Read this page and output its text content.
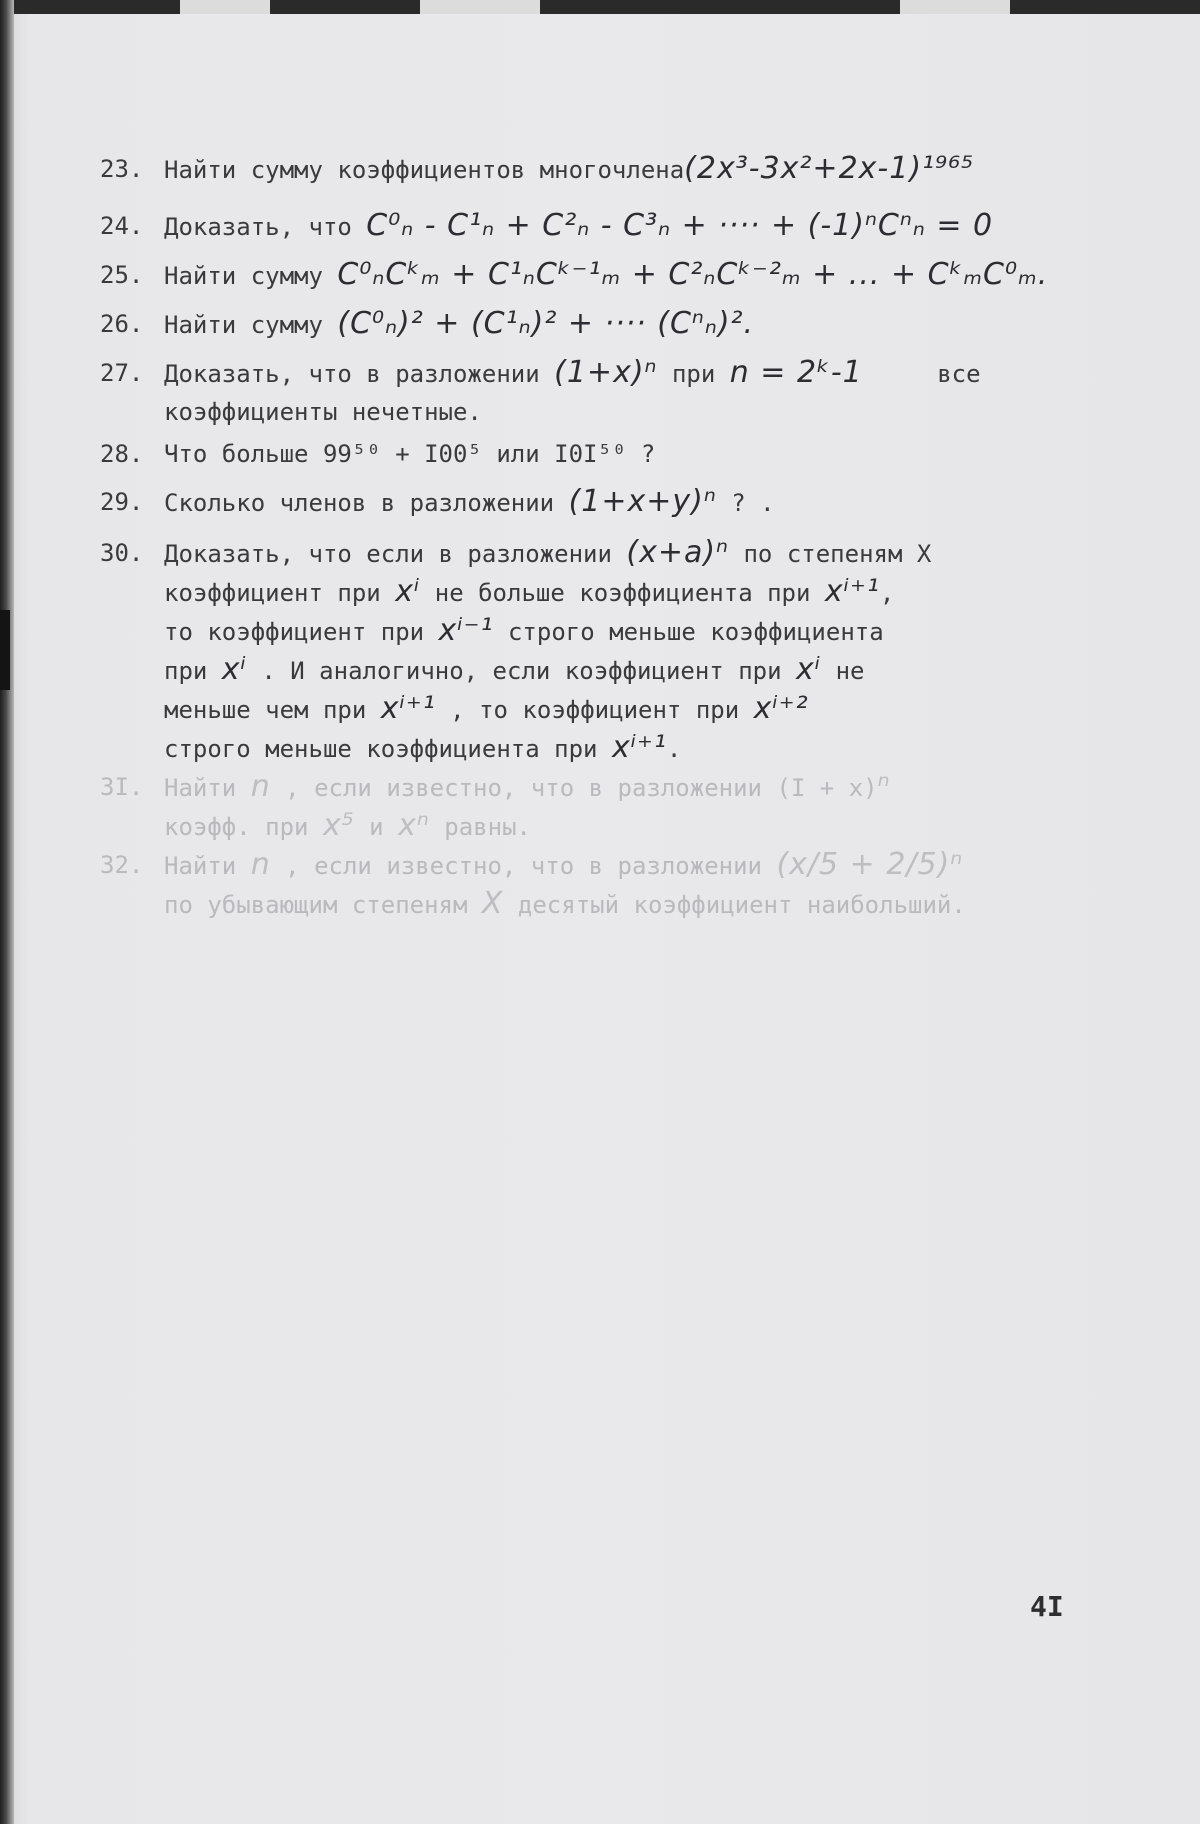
23. Найти сумму коэффициентов многочлена(2x³-3x²+2x-1)¹⁹⁶⁵
24. Доказать, что C⁰ₙ - C¹ₙ + C²ₙ - C³ₙ + ···· + (-1)ⁿCⁿₙ = 0
25. Найти сумму C⁰ₙCᵏₘ + C¹ₙCᵏ⁻¹ₘ + C²ₙCᵏ⁻²ₘ + ... + CᵏₘC⁰ₘ.
26. Найти сумму (C⁰ₙ)² + (C¹ₙ)² + ···· (Cⁿₙ)².
27. Доказать, что в разложении (1+x)ⁿ при n = 2ᵏ-1	все
коэффициенты нечетные.
28. Что больше 99⁵⁰ + I00⁵ или I0I⁵⁰ ?
29. Сколько членов в разложении (1+x+y)ⁿ ? .
30. Доказать, что если в разложении (x+a)ⁿ по степеням X
коэффициент при xⁱ не больше коэффициента при xⁱ⁺¹,
то коэффициент при xⁱ⁻¹ строго меньше коэффициента
при xⁱ . И аналогично, если коэффициент при xⁱ не
меньше чем при xⁱ⁺¹ , то коэффициент при xⁱ⁺²
строго меньше коэффициента при xⁱ⁺¹.
3I. Найти n , если известно, что в разложении (I + x)ⁿ
коэфф. при x⁵ и xⁿ равны.
32. Найти n , если известно, что в разложении (x/5 + 2/5)ⁿ
по убывающим степеням X десятый коэффициент наибольший.
4I
